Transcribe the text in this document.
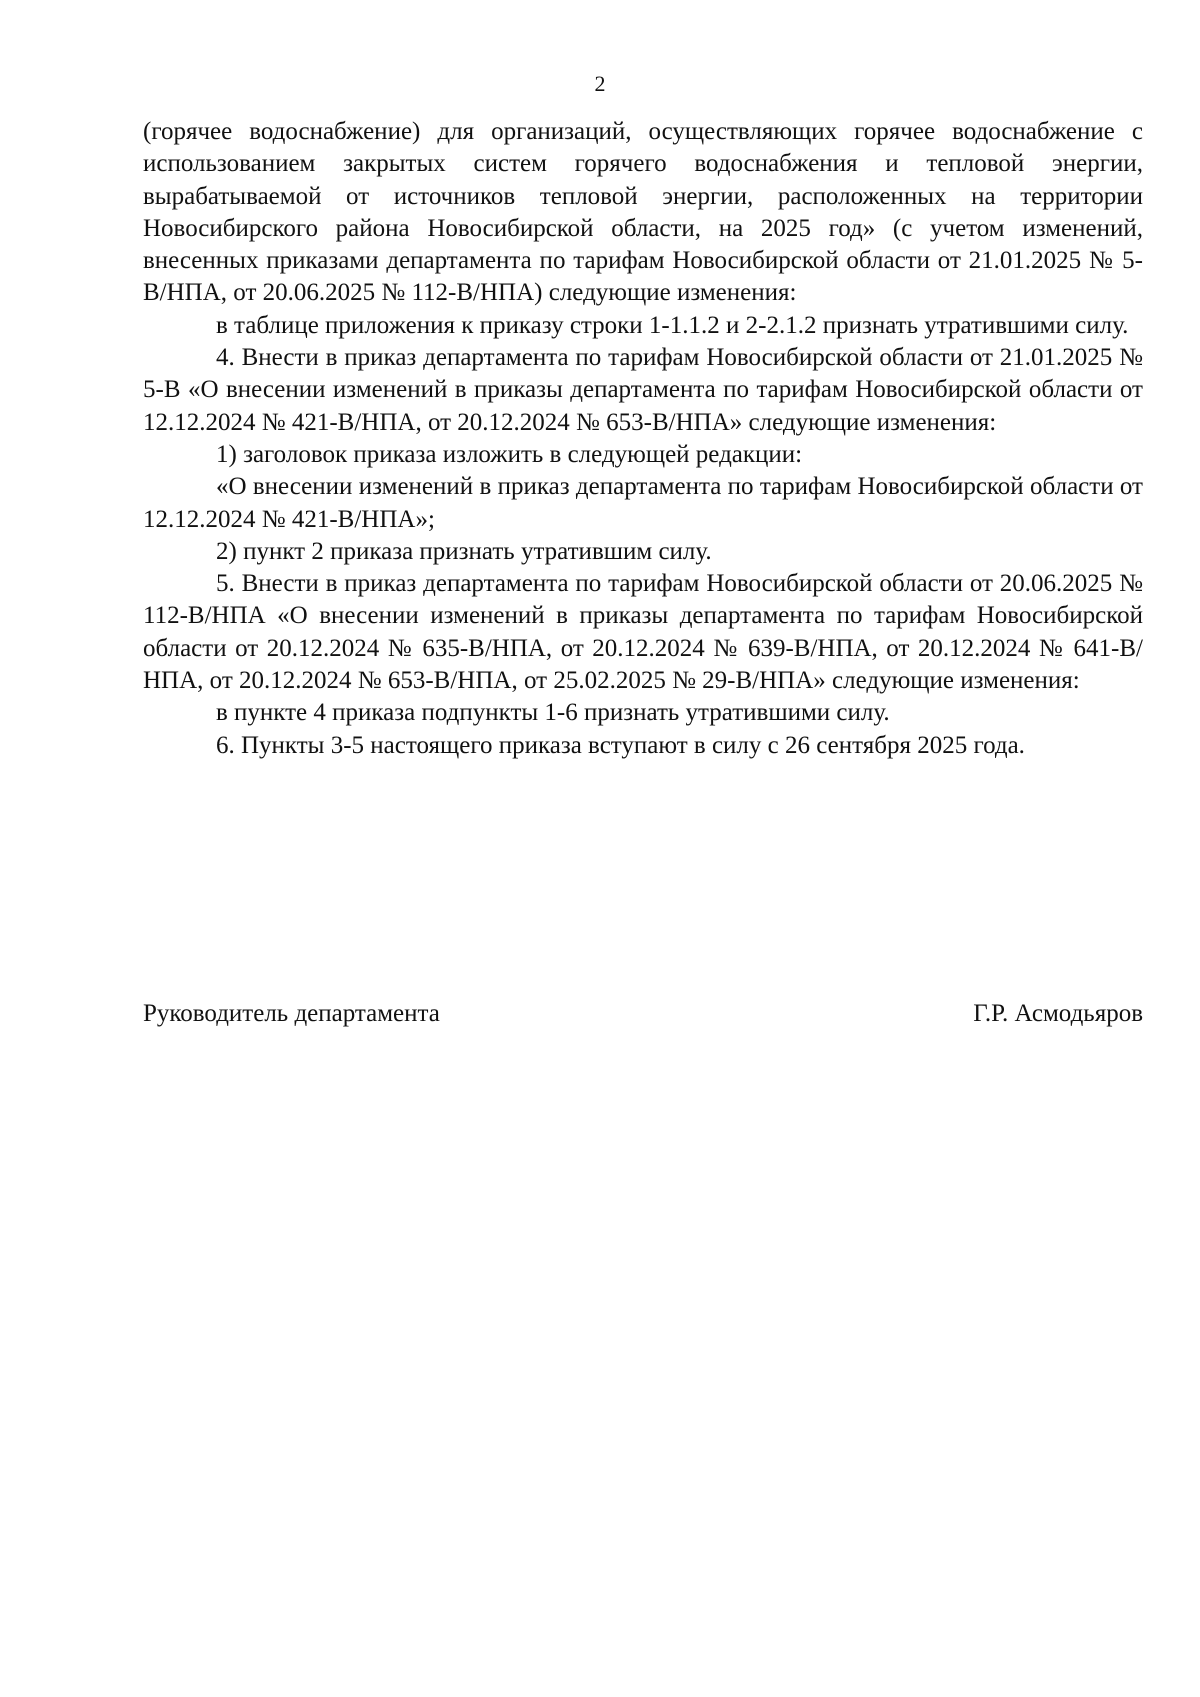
2

(горячее водоснабжение) для организаций, осуществляющих горячее водоснабжение с использованием закрытых систем горячего водоснабжения и тепловой энергии, вырабатываемой от источников тепловой энергии, расположенных на территории Новосибирского района Новосибирской области, на 2025 год» (с учетом изменений, внесенных приказами департамента по тарифам Новосибирской области от 21.01.2025 № 5-В/НПА, от 20.06.2025 № 112-В/НПА) следующие изменения:

в таблице приложения к приказу строки 1-1.1.2 и 2-2.1.2 признать утратившими силу.

4. Внести в приказ департамента по тарифам Новосибирской области от 21.01.2025 № 5-В «О внесении изменений в приказы департамента по тарифам Новосибирской области от 12.12.2024 № 421-В/НПА, от 20.12.2024 № 653-В/НПА» следующие изменения:

1) заголовок приказа изложить в следующей редакции:

«О внесении изменений в приказ департамента по тарифам Новосибирской области от 12.12.2024 № 421-В/НПА»;

2) пункт 2 приказа признать утратившим силу.

5. Внести в приказ департамента по тарифам Новосибирской области от 20.06.2025 № 112-В/НПА «О внесении изменений в приказы департамента по тарифам Новосибирской области от 20.12.2024 № 635-В/НПА, от 20.12.2024 № 639-В/НПА, от 20.12.2024 № 641-В/НПА, от 20.12.2024 № 653-В/НПА, от 25.02.2025 № 29-В/НПА» следующие изменения:

в пункте 4 приказа подпункты 1-6 признать утратившими силу.

6. Пункты 3-5 настоящего приказа вступают в силу с 26 сентября 2025 года.

Руководитель департамента	Г.Р. Асмодьяров
